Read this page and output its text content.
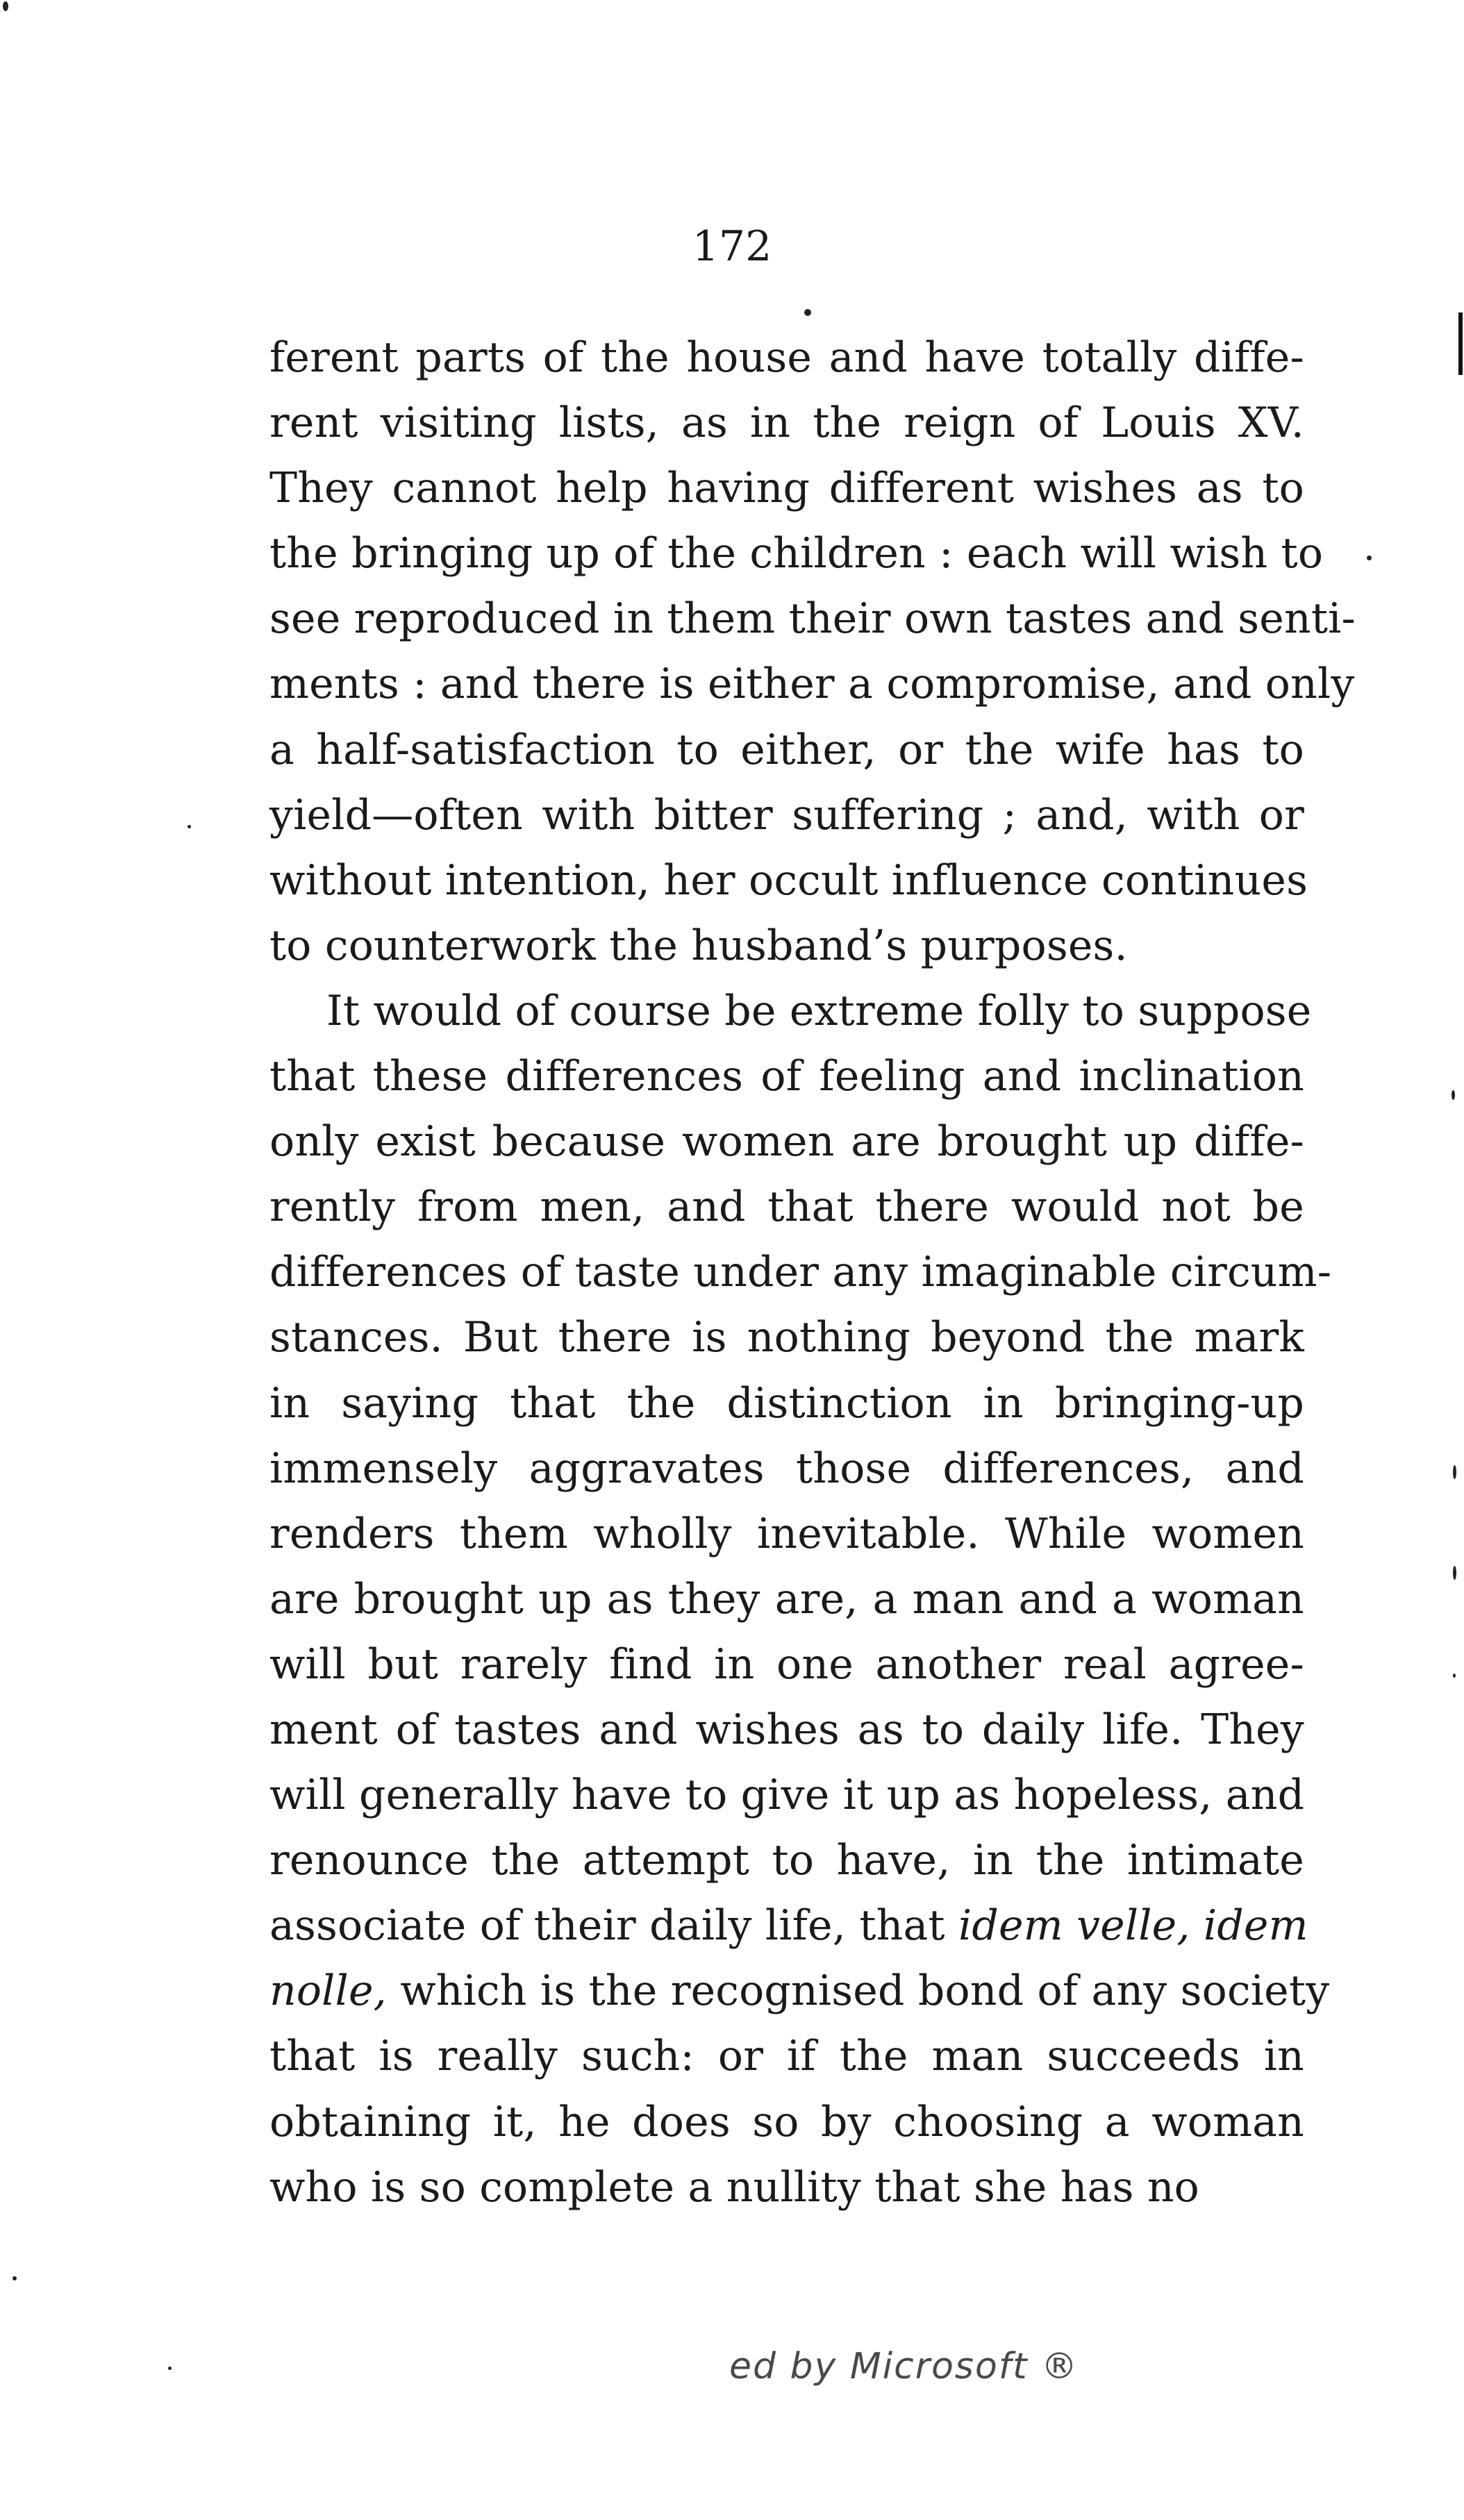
172
ferent parts of the house and have totally diffe-
rent visiting lists, as in the reign of Louis XV.
They cannot help having different wishes as to
the bringing up of the children : each will wish to
see reproduced in them their own tastes and senti-
ments : and there is either a compromise, and only
a half-satisfaction to either, or the wife has to
yield—often with bitter suffering ; and, with or
without intention, her occult influence continues
to counterwork the husband’s purposes.
It would of course be extreme folly to suppose
that these differences of feeling and inclination
only exist because women are brought up diffe-
rently from men, and that there would not be
differences of taste under any imaginable circum-
stances. But there is nothing beyond the mark
in saying that the distinction in bringing-up
immensely aggravates those differences, and
renders them wholly inevitable. While women
are brought up as they are, a man and a woman
will but rarely find in one another real agree-
ment of tastes and wishes as to daily life. They
will generally have to give it up as hopeless, and
renounce the attempt to have, in the intimate
associate of their daily life, that idem velle, idem
nolle, which is the recognised bond of any society
that is really such: or if the man succeeds in
obtaining it, he does so by choosing a woman
who is so complete a nullity that she has no
ed by Microsoft ®
